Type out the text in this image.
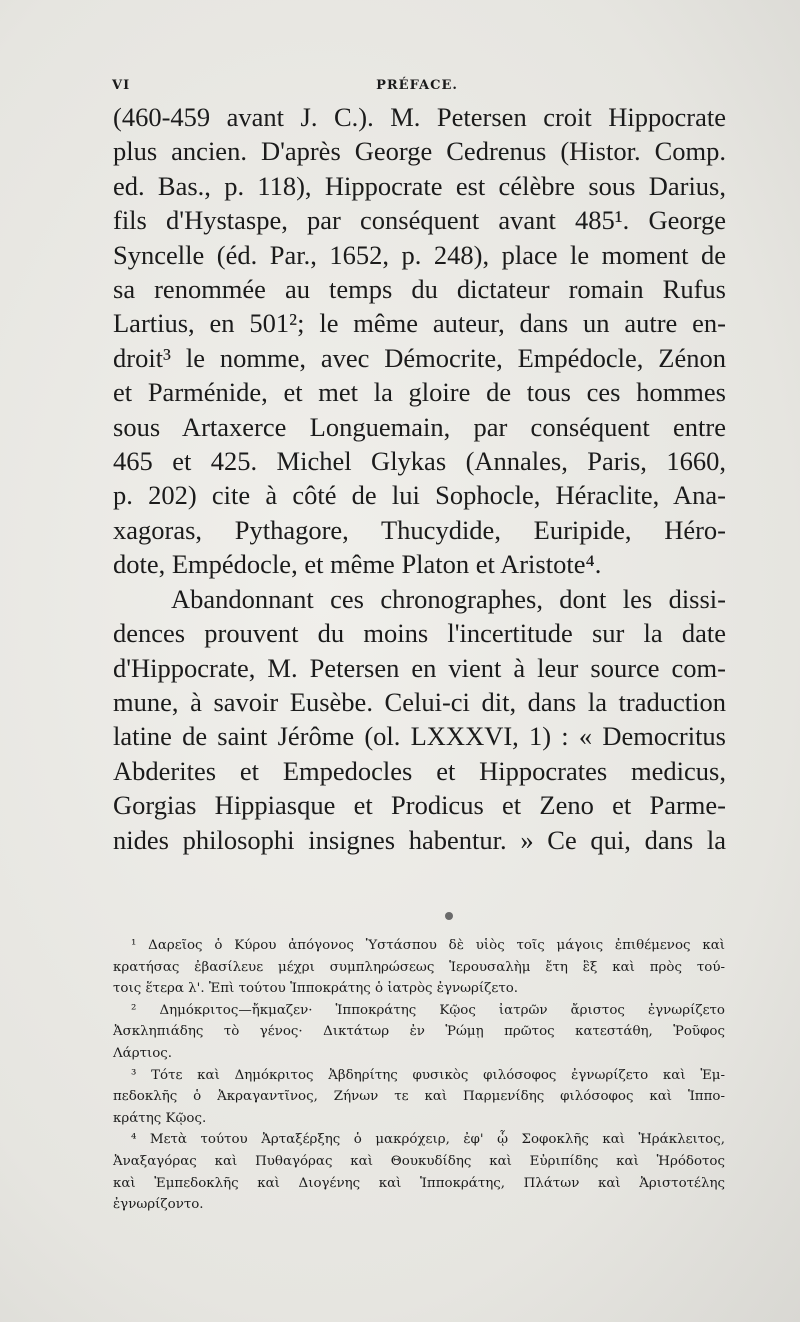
VI	PRÉFACE.

(460-459 avant J. C.). M. Petersen croit Hippocrate
plus ancien. D'après George Cedrenus (Histor. Comp.
ed. Bas., p. 118), Hippocrate est célèbre sous Darius,
fils d'Hystaspe, par conséquent avant 485¹. George
Syncelle (éd. Par., 1652, p. 248), place le moment de
sa renommée au temps du dictateur romain Rufus
Lartius, en 501²; le même auteur, dans un autre en-
droit³ le nomme, avec Démocrite, Empédocle, Zénon
et Parménide, et met la gloire de tous ces hommes
sous Artaxerce Longuemain, par conséquent entre
465 et 425. Michel Glykas (Annales, Paris, 1660,
p. 202) cite à côté de lui Sophocle, Héraclite, Ana-
xagoras, Pythagore, Thucydide, Euripide, Héro-

dote, Empédocle, et même Platon et Aristote⁴.

Abandonnant ces chronographes, dont les dissi-
dences prouvent du moins l'incertitude sur la date
d'Hippocrate, M. Petersen en vient à leur source com-
mune, à savoir Eusèbe. Celui-ci dit, dans la traduction
latine de saint Jérôme (ol. LXXXVI, 1) : « Democritus
Abderites et Empedocles et Hippocrates medicus,
Gorgias Hippiasque et Prodicus et Zeno et Parme-
nides philosophi insignes habentur. » Ce qui, dans la

¹ Δαρεῖος ὁ Κύρου ἀπόγονος Ὑστάσπου δὲ υἱὸς τοῖς μάγοις ἐπιθέμενος καὶ
κρατήσας ἐβασίλευε μέχρι συμπληρώσεως Ἱερουσαλὴμ ἔτη ἓξ καὶ πρὸς τού-
τοις ἕτερα λ'. Ἐπὶ τούτου Ἱπποκράτης ὁ ἰατρὸς ἐγνωρίζετο.
² Δημόκριτος—ἤκμαζεν· Ἱπποκράτης Κῷος ἰατρῶν ἄριστος ἐγνωρίζετο
Ἀσκληπιάδης τὸ γένος· Δικτάτωρ ἐν Ῥώμῃ πρῶτος κατεστάθη, Ῥοῦφος
Λάρτιος.
³ Τότε καὶ Δημόκριτος Ἀβδηρίτης φυσικὸς φιλόσοφος ἐγνωρίζετο καὶ Ἐμ-
πεδοκλῆς ὁ Ἀκραγαντῖνος, Ζήνων τε καὶ Παρμενίδης φιλόσοφος καὶ Ἱππο-
κράτης Κῷος.
⁴ Μετὰ τούτου Ἀρταξέρξης ὁ μακρόχειρ, ἐφ' ᾧ Σοφοκλῆς καὶ Ἡράκλειτος,
Ἀναξαγόρας καὶ Πυθαγόρας καὶ Θουκυδίδης καὶ Εὐριπίδης καὶ Ἡρόδοτος
καὶ Ἐμπεδοκλῆς καὶ Διογένης καὶ Ἱπποκράτης, Πλάτων καὶ Ἀριστοτέλης
ἐγνωρίζοντο.
